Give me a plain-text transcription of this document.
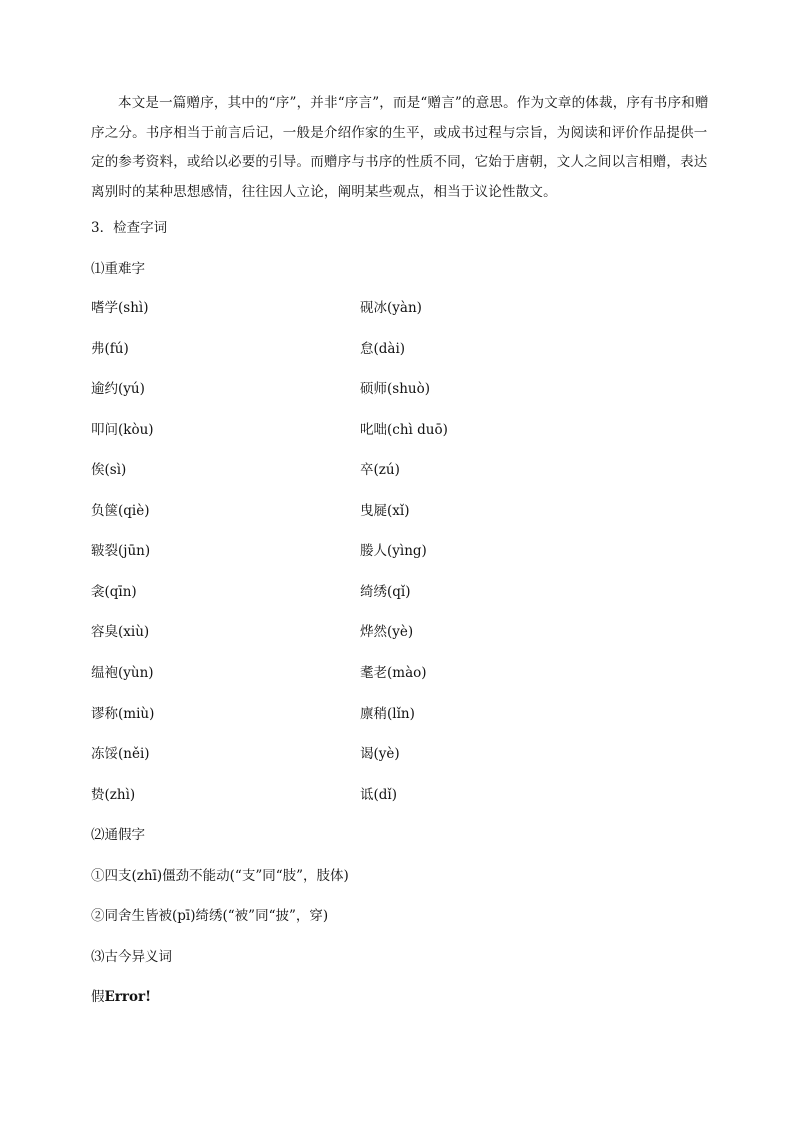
本文是一篇赠序，其中的“序”，并非“序言”，而是“赠言”的意思。作为文章的体裁，序有书序和赠序之分。书序相当于前言后记，一般是介绍作家的生平，或成书过程与宗旨，为阅读和评价作品提供一定的参考资料，或给以必要的引导。而赠序与书序的性质不同，它始于唐朝，文人之间以言相赠，表达离别时的某种思想感情，往往因人立论，阐明某些观点，相当于议论性散文。

3．检查字词
⑴重难字
嗜学(shì)
弗(fú)
逾约(yú)
叩问(kòu)
俟(sì)
负箧(qiè)
皲裂(jūn)
衾(qīn)
容臭(xiù)
缊袍(yùn)
谬称(miù)
冻馁(něi)
贽(zhì)
砚冰(yàn)
怠(dài)
硕师(shuò)
叱咄(chì duō)
卒(zú)
曳屣(xǐ)
媵人(yìng)
绮绣(qǐ)
烨然(yè)
耄老(mào)
廪稍(lǐn)
谒(yè)
诋(dǐ)
⑵通假字
①四支(zhī)僵劲不能动(“支”同“肢”，肢体)
②同舍生皆被(pī)绮绣(“被”同“披”，穿)
⑶古今异义词
假Error!
